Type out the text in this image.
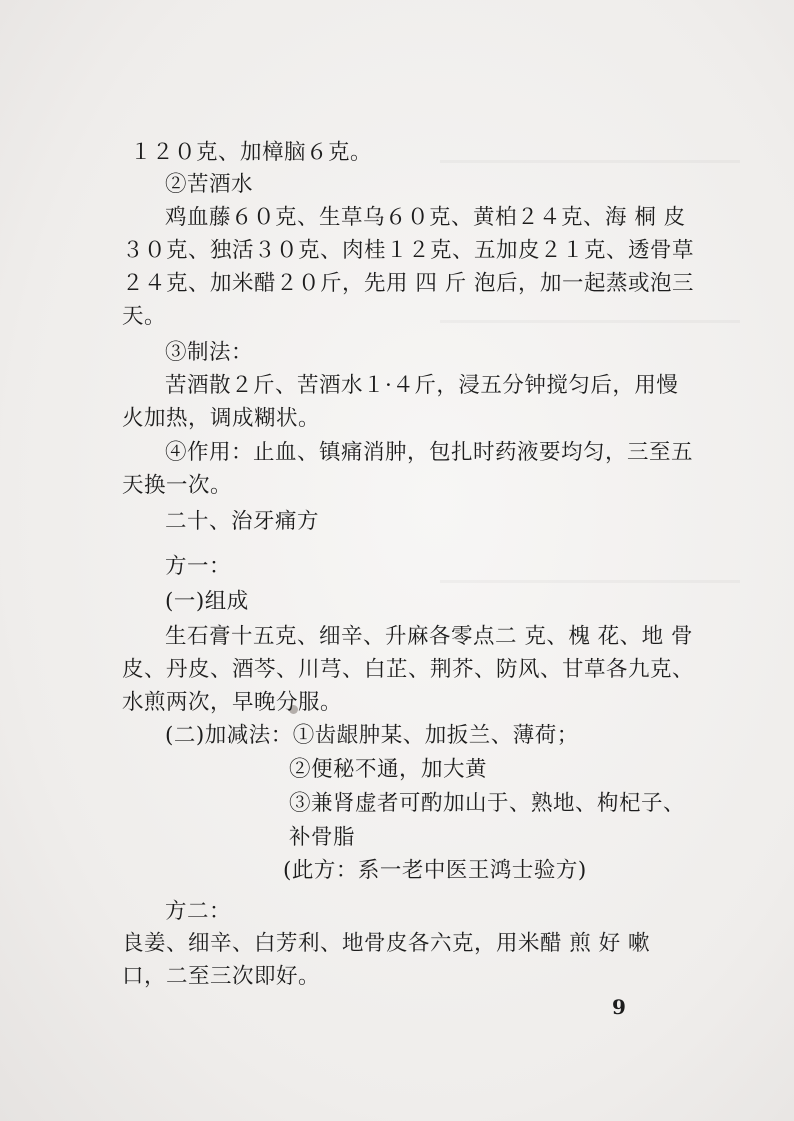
１２０克、加樟脑６克。
②苦酒水
鸡血藤６０克、生草乌６０克、黄柏２４克、海 桐 皮
３０克、独活３０克、肉桂１２克、五加皮２１克、透骨草
２４克、加米醋２０斤，先用 四 斤 泡后，加一起蒸或泡三
天。
③制法：
苦酒散２斤、苦酒水１·４斤，浸五分钟搅匀后，用慢
火加热，调成糊状。
④作用：止血、镇痛消肿，包扎时药液要均匀，三至五
天换一次。
二十、治牙痛方
方一：
(一)组成
生石膏十五克、细辛、升麻各零点二 克、槐 花、地 骨
皮、丹皮、酒芩、川芎、白芷、荆芥、防风、甘草各九克、
水煎两次，早晚分服。
(二)加减法：①齿龈肿某、加扳兰、薄荷；
②便秘不通，加大黄
③兼肾虚者可酌加山于、熟地、枸杞子、
补骨脂
(此方：系一老中医王鸿士验方)
方二：
良姜、细辛、白芳利、地骨皮各六克，用米醋 煎 好 嗽
口，二至三次即好。
9
